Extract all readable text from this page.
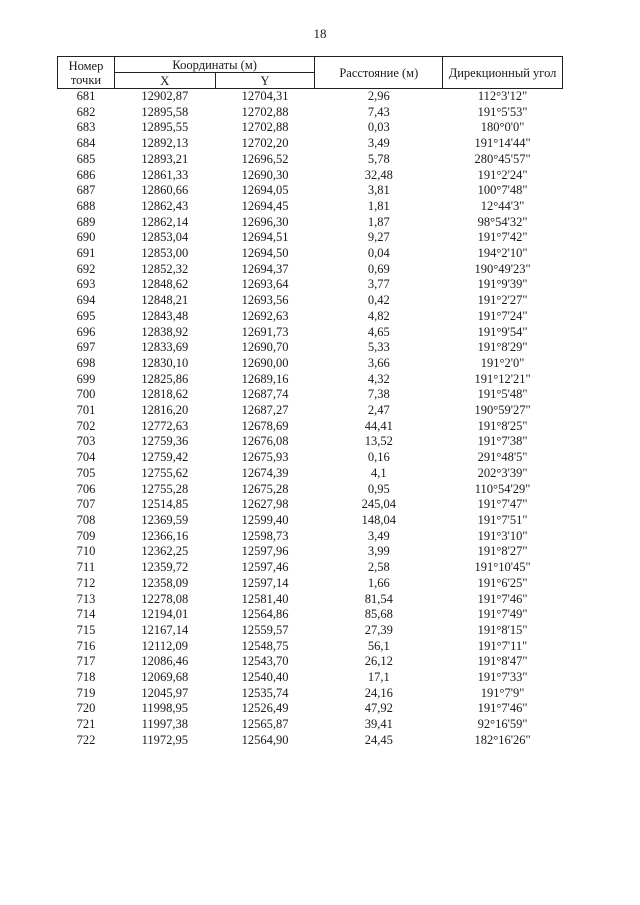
18
Номер точки	Координаты (м)		Расстояние (м)	Дирекционный угол
	X	Y		
681	12902,87	12704,31	2,96	112°3'12"
682	12895,58	12702,88	7,43	191°5'53"
683	12895,55	12702,88	0,03	180°0'0"
684	12892,13	12702,20	3,49	191°14'44"
685	12893,21	12696,52	5,78	280°45'57"
686	12861,33	12690,30	32,48	191°2'24"
687	12860,66	12694,05	3,81	100°7'48"
688	12862,43	12694,45	1,81	12°44'3"
689	12862,14	12696,30	1,87	98°54'32"
690	12853,04	12694,51	9,27	191°7'42"
691	12853,00	12694,50	0,04	194°2'10"
692	12852,32	12694,37	0,69	190°49'23"
693	12848,62	12693,64	3,77	191°9'39"
694	12848,21	12693,56	0,42	191°2'27"
695	12843,48	12692,63	4,82	191°7'24"
696	12838,92	12691,73	4,65	191°9'54"
697	12833,69	12690,70	5,33	191°8'29"
698	12830,10	12690,00	3,66	191°2'0"
699	12825,86	12689,16	4,32	191°12'21"
700	12818,62	12687,74	7,38	191°5'48"
701	12816,20	12687,27	2,47	190°59'27"
702	12772,63	12678,69	44,41	191°8'25"
703	12759,36	12676,08	13,52	191°7'38"
704	12759,42	12675,93	0,16	291°48'5"
705	12755,62	12674,39	4,1	202°3'39"
706	12755,28	12675,28	0,95	110°54'29"
707	12514,85	12627,98	245,04	191°7'47"
708	12369,59	12599,40	148,04	191°7'51"
709	12366,16	12598,73	3,49	191°3'10"
710	12362,25	12597,96	3,99	191°8'27"
711	12359,72	12597,46	2,58	191°10'45"
712	12358,09	12597,14	1,66	191°6'25"
713	12278,08	12581,40	81,54	191°7'46"
714	12194,01	12564,86	85,68	191°7'49"
715	12167,14	12559,57	27,39	191°8'15"
716	12112,09	12548,75	56,1	191°7'11"
717	12086,46	12543,70	26,12	191°8'47"
718	12069,68	12540,40	17,1	191°7'33"
719	12045,97	12535,74	24,16	191°7'9"
720	11998,95	12526,49	47,92	191°7'46"
721	11997,38	12565,87	39,41	92°16'59"
722	11972,95	12564,90	24,45	182°16'26"
